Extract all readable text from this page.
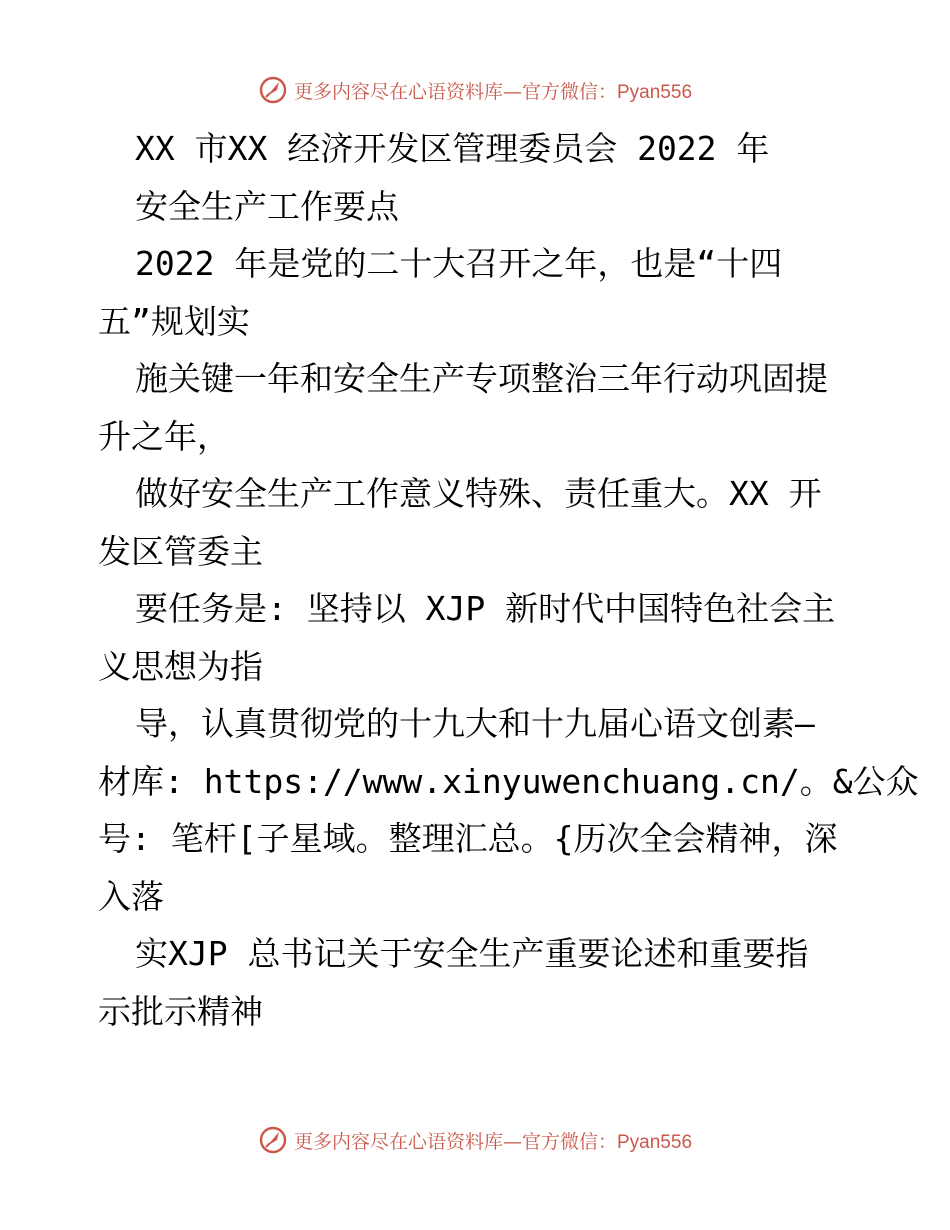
更多内容尽在心语资料库—官方微信：Pyan556
XX 市XX 经济开发区管理委员会 2022 年
安全生产工作要点
2022 年是党的二十大召开之年，也是“十四
五”规划实
施关键一年和安全生产专项整治三年行动巩固提
升之年，
做好安全生产工作意义特殊、责任重大。XX 开
发区管委主
要任务是: 坚持以 XJP 新时代中国特色社会主
义思想为指
导，认真贯彻党的十九大和十九届心语文创素—
材库: https://www.xinyuwenchuang.cn/。&公众
号: 笔杆[子星域。整理汇总。{历次全会精神，深
入落
实XJP 总书记关于安全生产重要论述和重要指
示批示精神
更多内容尽在心语资料库—官方微信：Pyan556
